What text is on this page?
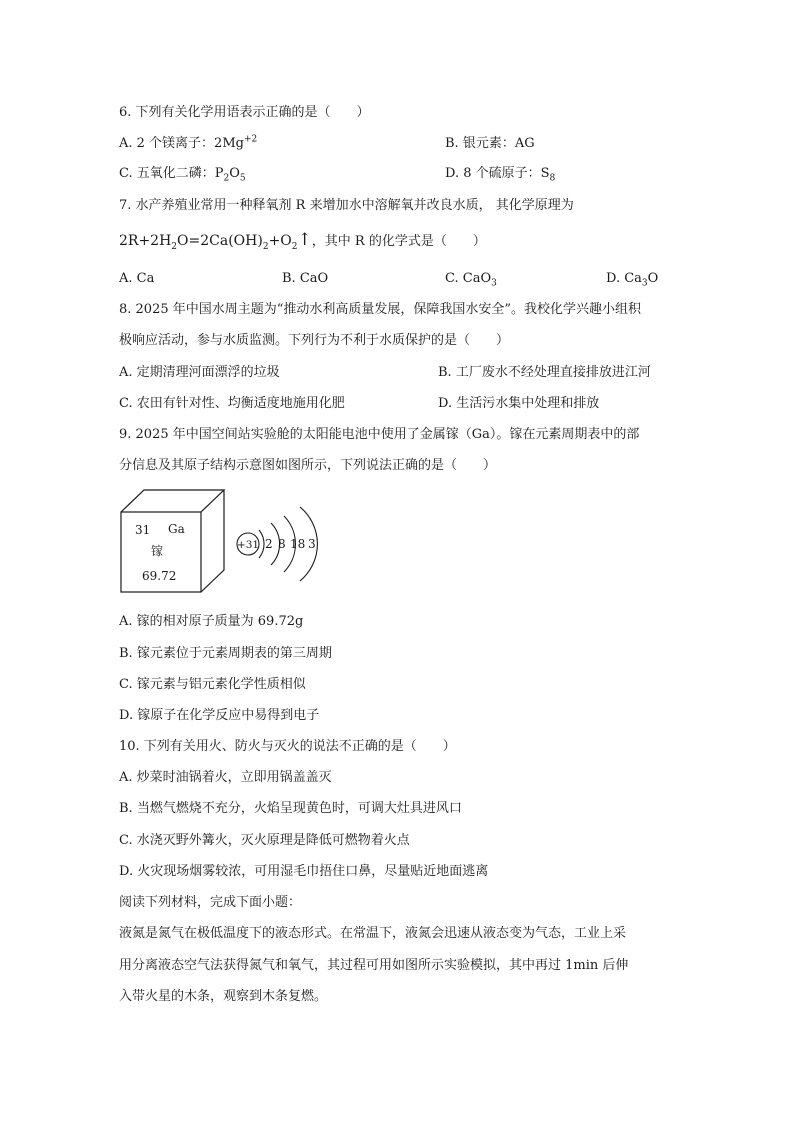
6. 下列有关化学用语表示正确的是（　　）
A. 2 个镁离子：$2Mg^{+2}$	B. 银元素：AG
C. 五氧化二磷：$P_2O_5$	D. 8 个硫原子：$S_8$
7. 水产养殖业常用一种释氧剂 R 来增加水中溶解氧并改良水质， 其化学原理为
$2R+2H_2O=2Ca(OH)_2+O_2↑$，其中 R 的化学式是（　　）
A. Ca	B. CaO	C. CaO$_3$	D. $Ca_3O$
8. 2025 年中国水周主题为“推动水利高质量发展，保障我国水安全”。我校化学兴趣小组积
极响应活动，参与水质监测。下列行为不利于水质保护的是（　　）
A. 定期清理河面漂浮的垃圾	B. 工厂废水不经处理直接排放进江河
C. 农田有针对性、均衡适度地施用化肥	D. 生活污水集中处理和排放
9. 2025 年中国空间站实验舱的太阳能电池中使用了金属镓（Ga）。镓在元素周期表中的部
分信息及其原子结构示意图如图所示，下列说法正确的是（　　）
31 Ga
镓
69.72
+31 2 8 18 3
A. 镓的相对原子质量为 69.72g
B. 镓元素位于元素周期表的第三周期
C. 镓元素与铝元素化学性质相似
D. 镓原子在化学反应中易得到电子
10. 下列有关用火、防火与灭火的说法不正确的是（　　）
A. 炒菜时油锅着火，立即用锅盖盖灭
B. 当燃气燃烧不充分，火焰呈现黄色时，可调大灶具进风口
C. 水浇灭野外篝火，灭火原理是降低可燃物着火点
D. 火灾现场烟雾较浓，可用湿毛巾捂住口鼻，尽量贴近地面逃离
阅读下列材料，完成下面小题：
液氮是氮气在极低温度下的液态形式。在常温下，液氮会迅速从液态变为气态，工业上采
用分离液态空气法获得氮气和氧气，其过程可用如图所示实验模拟，其中再过 1min 后伸
入带火星的木条，观察到木条复燃。
